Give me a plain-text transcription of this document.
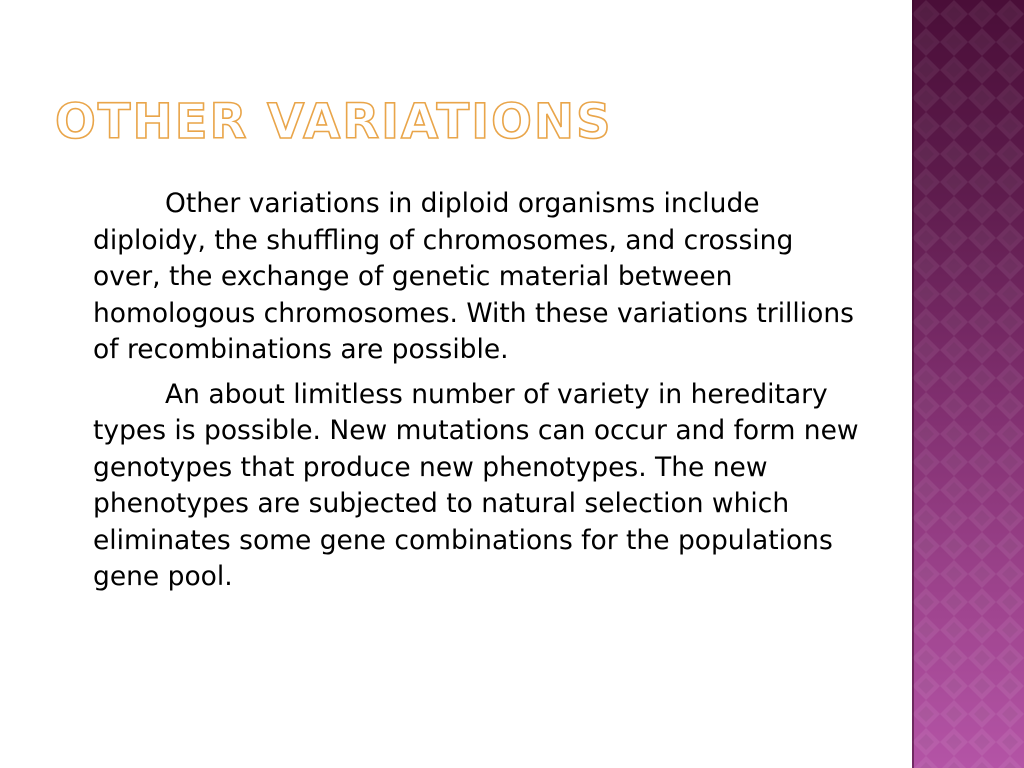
OTHER VARIATIONS

Other variations in diploid organisms include diploidy, the shuffling of chromosomes, and crossing over, the exchange of genetic material between homologous chromosomes. With these variations trillions of recombinations are possible.

An about limitless number of variety in hereditary types is possible. New mutations can occur and form new genotypes that produce new phenotypes. The new phenotypes are subjected to natural selection which eliminates some gene combinations for the populations gene pool.
